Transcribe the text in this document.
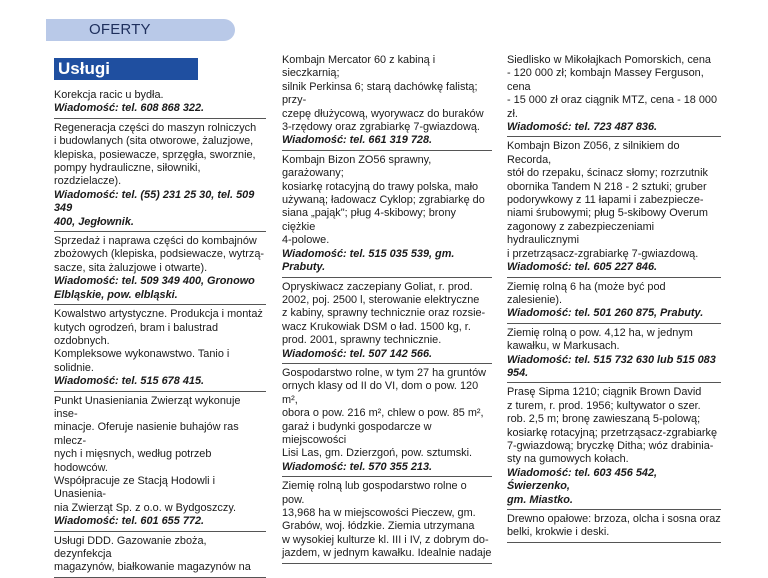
OFERTY
Usługi

Korekcja racic u bydła.

Wiadomość: tel. 608 868 322.

Regeneracja części do maszyn rolniczych
i budowlanych (sita otworowe, żaluzjowe,
klepiska, posiewacze, sprzęgła, sworznie,
pompy hydrauliczne, siłowniki, rozdzielacze).

Wiadomość: tel. (55) 231 25 30, tel. 509 349
400, Jegłownik.

Sprzedaż i naprawa części do kombajnów
zbożowych (klepiska, podsiewacze, wytrzą-
sacze, sita żaluzjowe i otwarte).

Wiadomość: tel. 509 349 400, Gronowo
Elbląskie, pow. elbląski.

Kowalstwo artystyczne. Produkcja i montaż
kutych ogrodzeń, bram i balustrad ozdobnych.
Kompleksowe wykonawstwo. Tanio i solidnie.

Wiadomość: tel. 515 678 415.

Punkt Unasieniania Zwierząt wykonuje inse-
minacje. Oferuje nasienie buhajów ras mlecz-
nych i mięsnych, według potrzeb hodowców.
Współpracuje ze Stacją Hodowli i Unasienia-
nia Zwierząt Sp. z o.o. w Bydgoszczy.

Wiadomość: tel. 601 655 772.

Usługi DDD. Gazowanie zboża, dezynfekcja
magazynów, białkowanie magazynów na

Kombajn Mercator 60 z kabiną i sieczkarnią;
silnik Perkinsa 6; starą dachówkę falistą; przy-
czepę dłużycową, wyorywacz do buraków
3-rzędowy oraz zgrabiarkę 7-gwiazdową.

Wiadomość: tel. 661 319 728.

Kombajn Bizon ZO56 sprawny, garażowany;
kosiarkę rotacyjną do trawy polska, mało
używaną; ładowacz Cyklop; zgrabiarkę do
siana „pająk"; pług 4-skibowy; brony ciężkie
4-polowe.

Wiadomość: tel. 515 035 539, gm. Prabuty.

Opryskiwacz zaczepiany Goliat, r. prod.
2002, poj. 2500 l, sterowanie elektryczne
z kabiny, sprawny technicznie oraz rozsie-
wacz Krukowiak DSM o ład. 1500 kg, r.
prod. 2001, sprawny technicznie.

Wiadomość: tel. 507 142 566.

Gospodarstwo rolne, w tym 27 ha gruntów
ornych klasy od II do VI, dom o pow. 120 m²,
obora o pow. 216 m², chlew o pow. 85 m²,
garaż i budynki gospodarcze w miejscowości
Lisi Las, gm. Dzierzgoń, pow. sztumski.

Wiadomość: tel. 570 355 213.

Ziemię rolną lub gospodarstwo rolne o pow.
13,968 ha w miejscowości Pieczew, gm.
Grabów, woj. łódzkie. Ziemia utrzymana
w wysokiej kulturze kl. III i IV, z dobrym do-
jazdem, w jednym kawałku. Idealnie nadaje

Siedlisko w Mikołajkach Pomorskich, cena
- 120 000 zł; kombajn Massey Ferguson, cena
- 15 000 zł oraz ciągnik MTZ, cena - 18 000 zł.

Wiadomość: tel. 723 487 836.

Kombajn Bizon Z056, z silnikiem do Recorda,
stół do rzepaku, ścinacz słomy; rozrzutnik
obornika Tandem N 218 - 2 sztuki; gruber
podorywkowy z 11 łapami i zabezpiecze-
niami śrubowymi; pług 5-skibowy Overum
zagonowy z zabezpieczeniami hydraulicznymi
i przetrząsacz-zgrabiarkę 7-gwiazdową.

Wiadomość: tel. 605 227 846.

Ziemię rolną 6 ha (może być pod zalesienie).

Wiadomość: tel. 501 260 875, Prabuty.

Ziemię rolną o pow. 4,12 ha, w jednym
kawałku, w Markusach.

Wiadomość: tel. 515 732 630 lub 515 083 954.

Prasę Sipma 1210; ciągnik Brown David
z turem, r. prod. 1956; kultywator o szer.
rob. 2,5 m; bronę zawieszaną 5-polową;
kosiarkę rotacyjną; przetrząsacz-zgrabiarkę
7-gwiazdową; bryczkę Ditha; wóz drabinia-
sty na gumowych kołach.

Wiadomość: tel. 603 456 542, Świerzenko,
gm. Miastko.

Drewno opałowe: brzoza, olcha i sosna oraz
belki, krokwie i deski.
